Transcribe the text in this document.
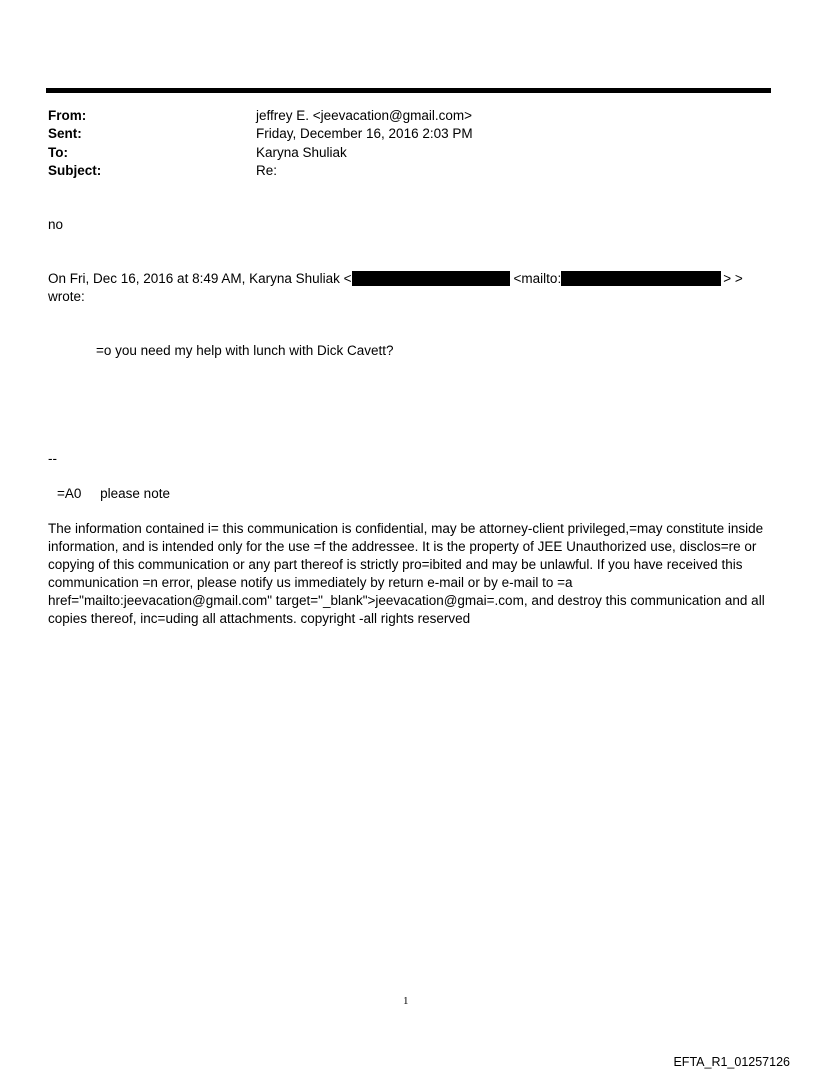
From:	jeffrey E. <jeevacation@gmail.com>
Sent:	Friday, December 16, 2016 2:03 PM
To:	Karyna Shuliak
Subject:	Re:
no
On Fri, Dec 16, 2016 at 8:49 AM, Karyna Shuliak <	<mailto:	> >
wrote:
=o you need my help with lunch with Dick Cavett?
--
=A0     please note
The information contained i= this communication is confidential, may be attorney-client privileged,=may constitute inside information, and is intended only for the use =f the addressee. It is the property of JEE Unauthorized use, disclos=re or copying of this communication or any part thereof is strictly pro=ibited and may be unlawful. If you have received this communication =n error, please notify us immediately by return e-mail or by e-mail to =a href="mailto:jeevacation@gmail.com" target="_blank">jeevacation@gmai=.com, and destroy this communication and all copies thereof, inc=uding all attachments. copyright -all rights reserved
1
EFTA_R1_01257126
